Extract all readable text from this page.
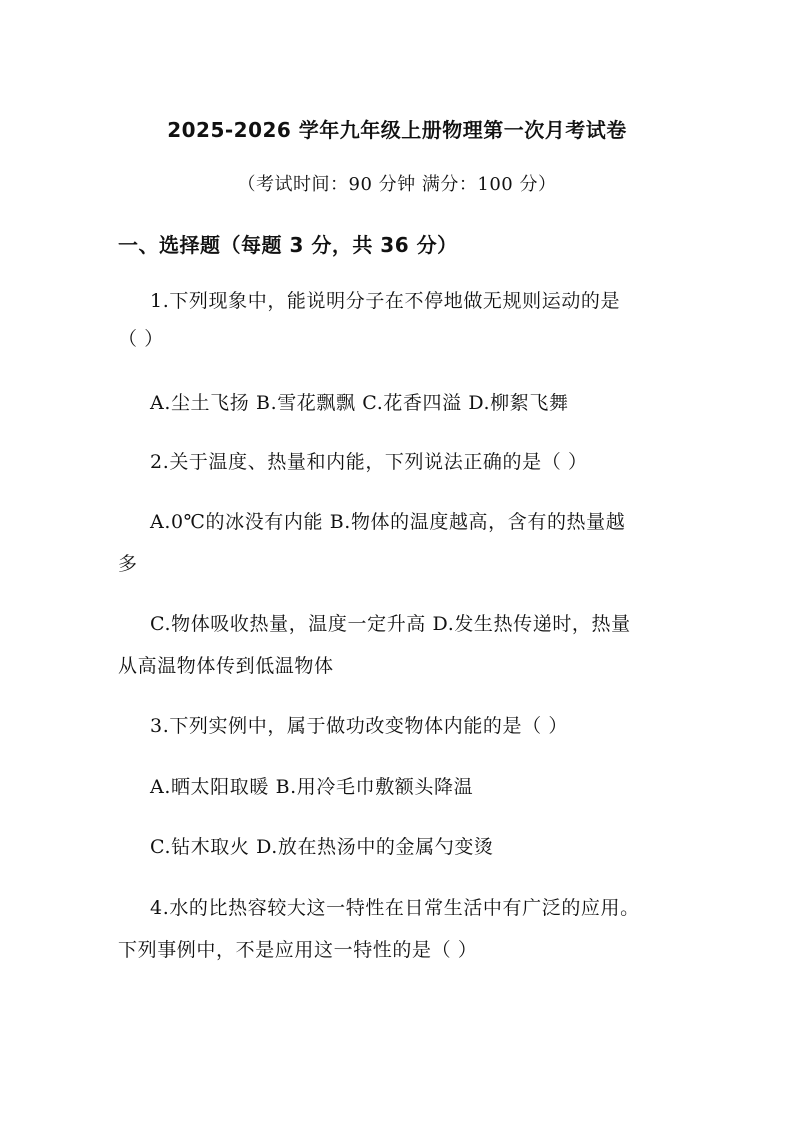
2025-2026 学年九年级上册物理第一次月考试卷
（考试时间：90 分钟 满分：100 分）
一、选择题（每题 3 分，共 36 分）
1.下列现象中，能说明分子在不停地做无规则运动的是
（ ）
A.尘土飞扬 B.雪花飘飘 C.花香四溢 D.柳絮飞舞
2.关于温度、热量和内能，下列说法正确的是（ ）
A.0℃的冰没有内能 B.物体的温度越高，含有的热量越
多
C.物体吸收热量，温度一定升高 D.发生热传递时，热量
从高温物体传到低温物体
3.下列实例中，属于做功改变物体内能的是（ ）
A.晒太阳取暖 B.用冷毛巾敷额头降温
C.钻木取火 D.放在热汤中的金属勺变烫
4.水的比热容较大这一特性在日常生活中有广泛的应用。
下列事例中，不是应用这一特性的是（ ）
